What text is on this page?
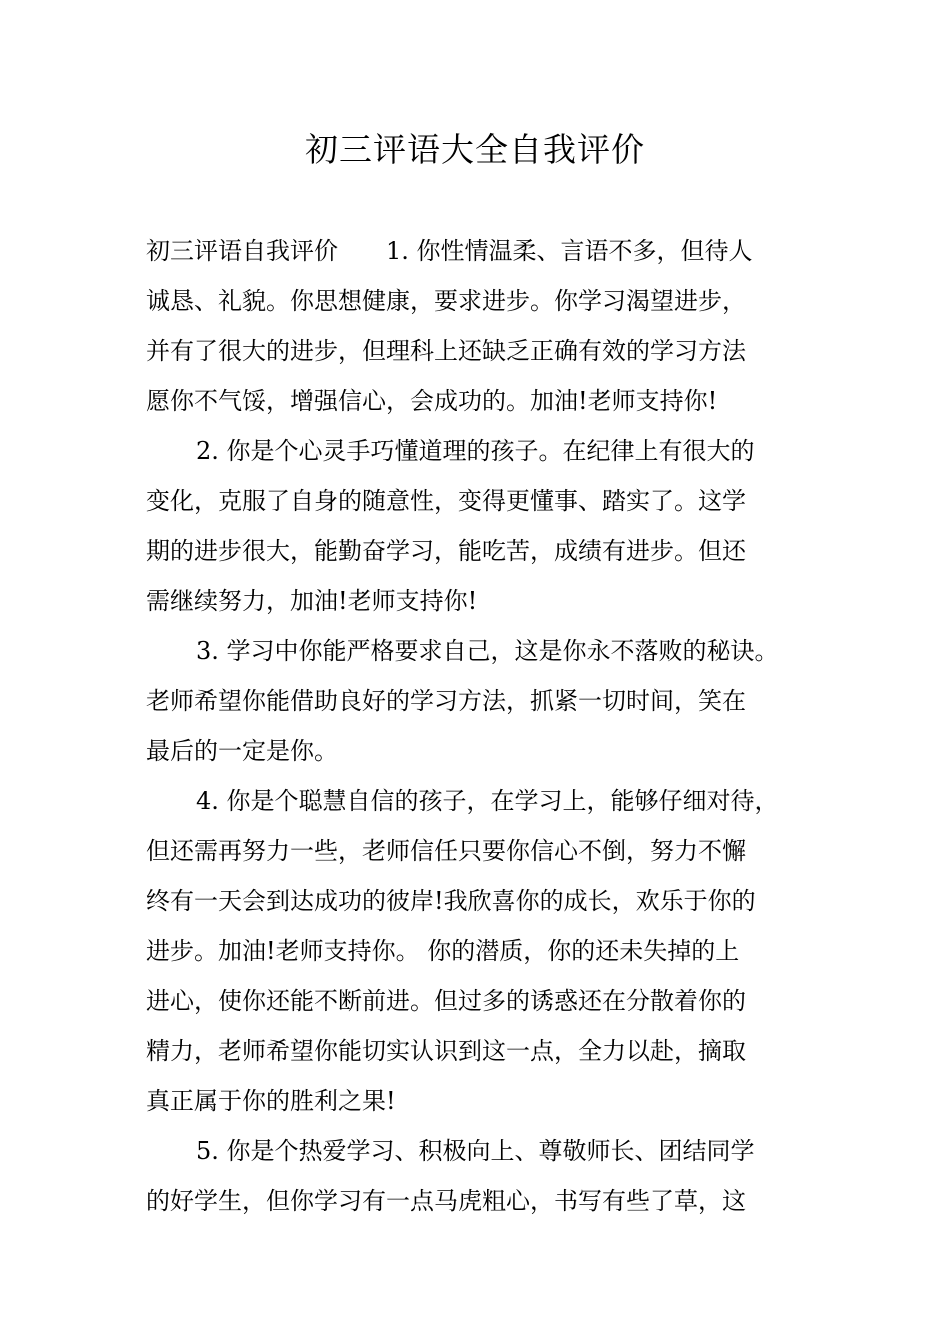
初三评语大全自我评价
初三评语自我评价　　1. 你性情温柔、言语不多，但待人
诚恳、礼貌。你思想健康，要求进步。你学习渴望进步，
并有了很大的进步，但理科上还缺乏正确有效的学习方法
愿你不气馁，增强信心，会成功的。加油!老师支持你!
2. 你是个心灵手巧懂道理的孩子。在纪律上有很大的
变化，克服了自身的随意性，变得更懂事、踏实了。这学
期的进步很大，能勤奋学习，能吃苦，成绩有进步。但还
需继续努力，加油!老师支持你!
3. 学习中你能严格要求自己，这是你永不落败的秘诀。
老师希望你能借助良好的学习方法，抓紧一切时间，笑在
最后的一定是你。
4. 你是个聪慧自信的孩子，在学习上，能够仔细对待，
但还需再努力一些，老师信任只要你信心不倒，努力不懈
终有一天会到达成功的彼岸!我欣喜你的成长，欢乐于你的
进步。加油!老师支持你。 你的潜质，你的还未失掉的上
进心，使你还能不断前进。但过多的诱惑还在分散着你的
精力，老师希望你能切实认识到这一点，全力以赴，摘取
真正属于你的胜利之果!
5. 你是个热爱学习、积极向上、尊敬师长、团结同学
的好学生，但你学习有一点马虎粗心，书写有些了草，这
